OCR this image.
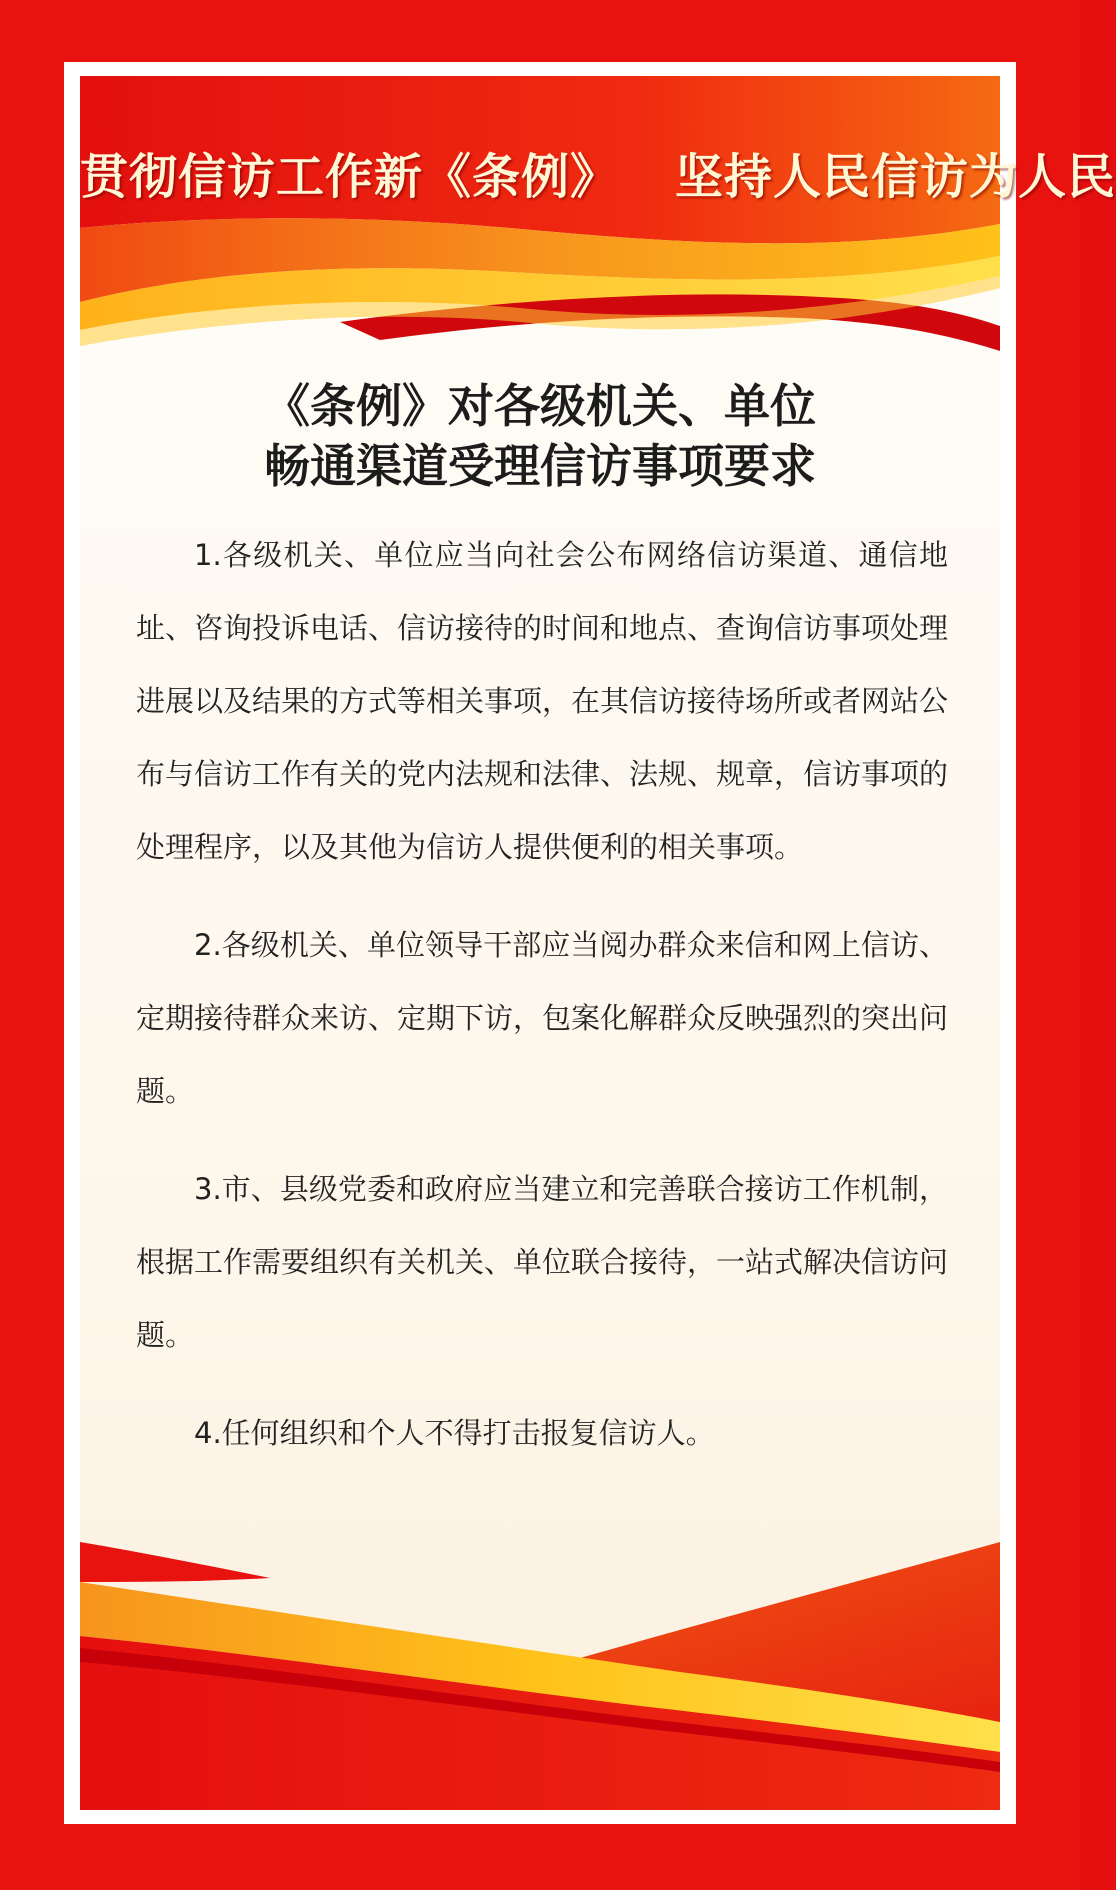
贯彻信访工作新《条例》 坚持人民信访为人民
《条例》对各级机关、单位
畅通渠道受理信访事项要求

1.各级机关、单位应当向社会公布网络信访渠道、通信地址、咨询投诉电话、信访接待的时间和地点、查询信访事项处理进展以及结果的方式等相关事项，在其信访接待场所或者网站公布与信访工作有关的党内法规和法律、法规、规章，信访事项的处理程序，以及其他为信访人提供便利的相关事项。

2.各级机关、单位领导干部应当阅办群众来信和网上信访、定期接待群众来访、定期下访，包案化解群众反映强烈的突出问题。

3.市、县级党委和政府应当建立和完善联合接访工作机制，根据工作需要组织有关机关、单位联合接待，一站式解决信访问题。

4.任何组织和个人不得打击报复信访人。
